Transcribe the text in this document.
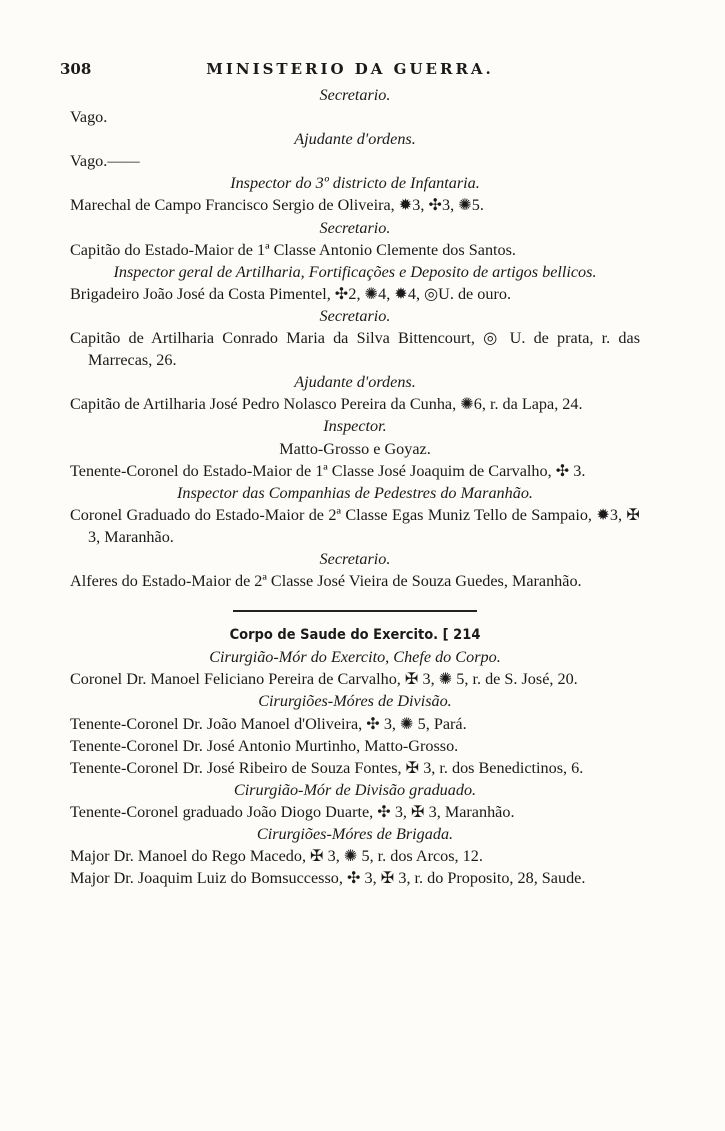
308	MINISTERIO DA GUERRA.
Secretario.
Vago.
Ajudante d'ordens.
Vago.——
Inspector do 3º districto de Infantaria.
Marechal de Campo Francisco Sergio de Oliveira, ✹3, ✣3, ✺5.
Secretario.
Capitão do Estado-Maior de 1ª Classe Antonio Clemente dos Santos.
Inspector geral de Artilharia, Fortificações e Deposito de artigos bellicos.
Brigadeiro João José da Costa Pimentel, ✣2, ✺4, ✹4, ◎U. de ouro.
Secretario.
Capitão de Artilharia Conrado Maria da Silva Bittencourt, ◎ U. de prata, r. das Marrecas, 26.
Ajudante d'ordens.
Capitão de Artilharia José Pedro Nolasco Pereira da Cunha, ✺6, r. da Lapa, 24.
Inspector.
Matto-Grosso e Goyaz.
Tenente-Coronel do Estado-Maior de 1ª Classe José Joaquim de Carvalho, ✣ 3.
Inspector das Companhias de Pedestres do Maranhão.
Coronel Graduado do Estado-Maior de 2ª Classe Egas Muniz Tello de Sampaio, ✹3, ✠ 3, Maranhão.
Secretario.
Alferes do Estado-Maior de 2ª Classe José Vieira de Souza Guedes, Maranhão.
Corpo de Saude do Exercito. [ 214
Cirurgião-Mór do Exercito, Chefe do Corpo.
Coronel Dr. Manoel Feliciano Pereira de Carvalho, ✠ 3, ✺ 5, r. de S. José, 20.
Cirurgiões-Móres de Divisão.
Tenente-Coronel Dr. João Manoel d'Oliveira, ✣ 3, ✺ 5, Pará.
Tenente-Coronel Dr. José Antonio Murtinho, Matto-Grosso.
Tenente-Coronel Dr. José Ribeiro de Souza Fontes, ✠ 3, r. dos Benedictinos, 6.
Cirurgião-Mór de Divisão graduado.
Tenente-Coronel graduado João Diogo Duarte, ✣ 3, ✠ 3, Maranhão.
Cirurgiões-Móres de Brigada.
Major Dr. Manoel do Rego Macedo, ✠ 3, ✺ 5, r. dos Arcos, 12.
Major Dr. Joaquim Luiz do Bomsuccesso, ✣ 3, ✠ 3, r. do Proposito, 28, Saude.
